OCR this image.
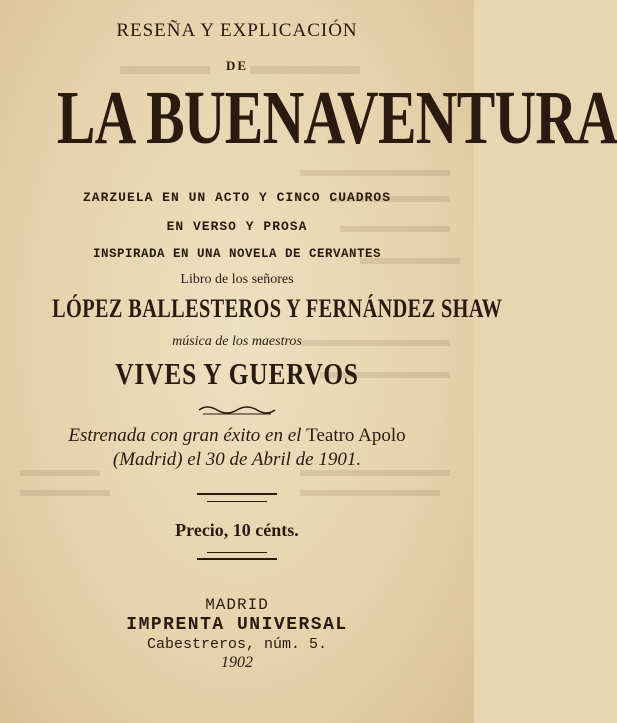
RESEÑA Y EXPLICACIÓN
DE
LA BUENAVENTURA
ZARZUELA EN UN ACTO Y CINCO CUADROS
EN VERSO Y PROSA
INSPIRADA EN UNA NOVELA DE CERVANTES
Libro de los señores
LÓPEZ BALLESTEROS Y FERNÁNDEZ SHAW
música de los maestros
VIVES Y GUERVOS
Estrenada con gran éxito en el Teatro Apolo
(Madrid) el 30 de Abril de 1901.
Precio, 10 cénts.
MADRID
IMPRENTA UNIVERSAL
Cabestreros, núm. 5.
1902
